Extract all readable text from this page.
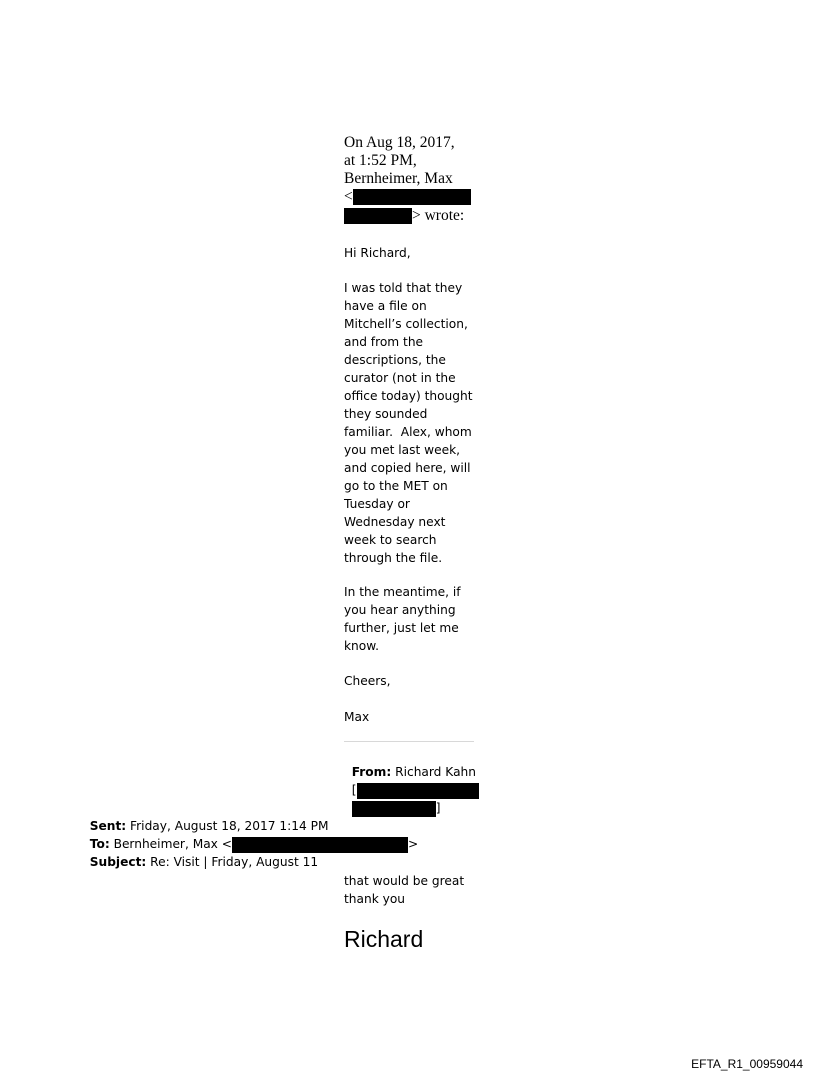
On Aug 18, 2017,
at 1:52 PM,
Bernheimer, Max
<
> wrote:
Hi Richard,
I was told that they
have a file on
Mitchell’s collection,
and from the
descriptions, the
curator (not in the
office today) thought
they sounded
familiar.  Alex, whom
you met last week,
and copied here, will
go to the MET on
Tuesday or
Wednesday next
week to search
through the file.
In the meantime, if
you hear anything
further, just let me
know.
Cheers,
Max

From: Richard Kahn

[

]

Sent: Friday, August 18, 2017 1:14 PM

To: Bernheimer, Max <	>

Subject: Re: Visit | Friday, August 11

that would be great
thank you
Richard
EFTA_R1_00959044
